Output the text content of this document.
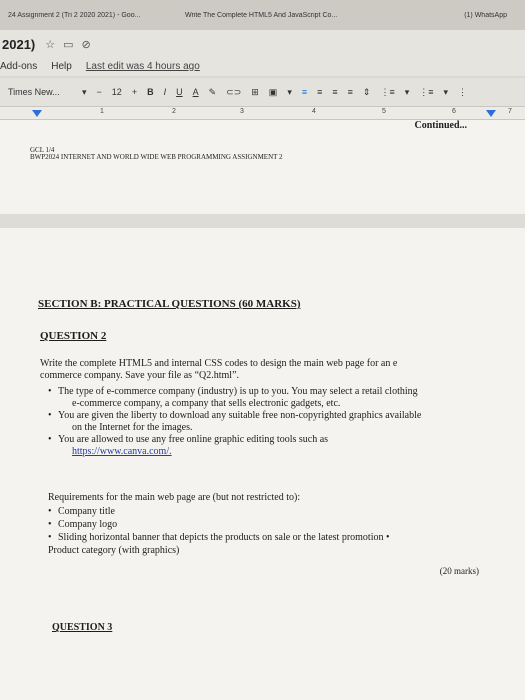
24 Assignment 2 (Tri 2 2020 2021) - Goo...	Write The Complete HTML5 And JavaScript Co...	(1) WhatsApp
2021) ☆ ▭ ⊘
Add-ons Help Last edit was 4 hours ago
Times New...	▾ − 12 + B I U A ✎ ⊂⊃ ⊞ ▣ ▾ ≡ ≡ ≡ ≡ ⇕ ⋮≡ ▾ ⋮≡ ▾ ⋮
1	2	3	4	5	6	7
Continued...
GCL 1/4
BWP2024 INTERNET AND WORLD WIDE WEB PROGRAMMING ASSIGNMENT 2
SECTION B: PRACTICAL QUESTIONS (60 MARKS)
QUESTION 2
Write the complete HTML5 and internal CSS codes to design the main web page for an e
commerce company. Save your file as “Q2.html”.
• The type of e-commerce company (industry) is up to you. You may select a retail clothing
e-commerce company, a company that sells electronic gadgets, etc.
• You are given the liberty to download any suitable free non-copyrighted graphics available
on the Internet for the images.
• You are allowed to use any free online graphic editing tools such as
https://www.canva.com/.
Requirements for the main web page are (but not restricted to):
• Company title
• Company logo
• Sliding horizontal banner that depicts the products on sale or the latest promotion •
Product category (with graphics)
(20 marks)
QUESTION 3
